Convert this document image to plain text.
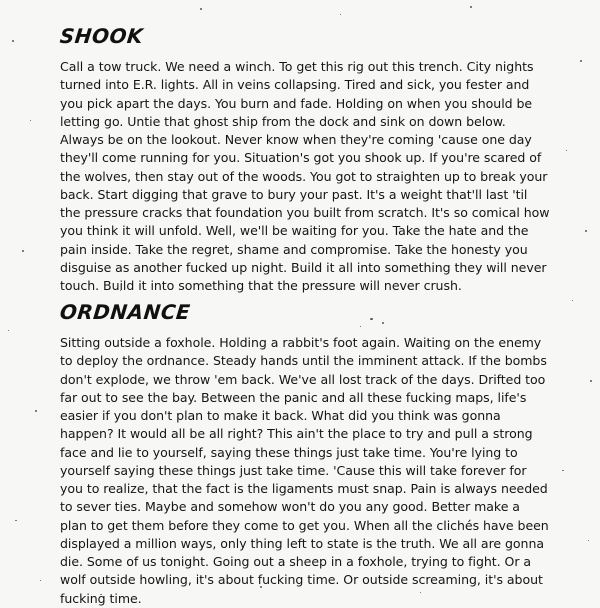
SHOOK

Call a tow truck. We need a winch. To get this rig out this trench. City nights turned into E.R. lights. All in veins collapsing. Tired and sick, you fester and you pick apart the days. You burn and fade. Holding on when you should be letting go. Untie that ghost ship from the dock and sink on down below. Always be on the lookout. Never know when they're coming 'cause one day they'll come running for you. Situation's got you shook up. If you're scared of the wolves, then stay out of the woods. You got to straighten up to break your back. Start digging that grave to bury your past. It's a weight that'll last 'til the pressure cracks that foundation you built from scratch. It's so comical how you think it will unfold. Well, we'll be waiting for you. Take the hate and the pain inside. Take the regret, shame and compromise. Take the honesty you disguise as another fucked up night. Build it all into something they will never touch. Build it into something that the pressure will never crush.

ORDNANCE

Sitting outside a foxhole. Holding a rabbit's foot again. Waiting on the enemy to deploy the ordnance. Steady hands until the imminent attack. If the bombs don't explode, we throw 'em back. We've all lost track of the days. Drifted too far out to see the bay. Between the panic and all these fucking maps, life's easier if you don't plan to make it back. What did you think was gonna happen? It would all be all right? This ain't the place to try and pull a strong face and lie to yourself, saying these things just take time. You're lying to yourself saying these things just take time. 'Cause this will take forever for you to realize, that the fact is the ligaments must snap. Pain is always needed to sever ties. Maybe and somehow won't do you any good. Better make a plan to get them before they come to get you. When all the clichés have been displayed a million ways, only thing left to state is the truth. We all are gonna die. Some of us tonight. Going out a sheep in a foxhole, trying to fight. Or a wolf outside howling, it's about fucking time. Or outside screaming, it's about fucking time.
